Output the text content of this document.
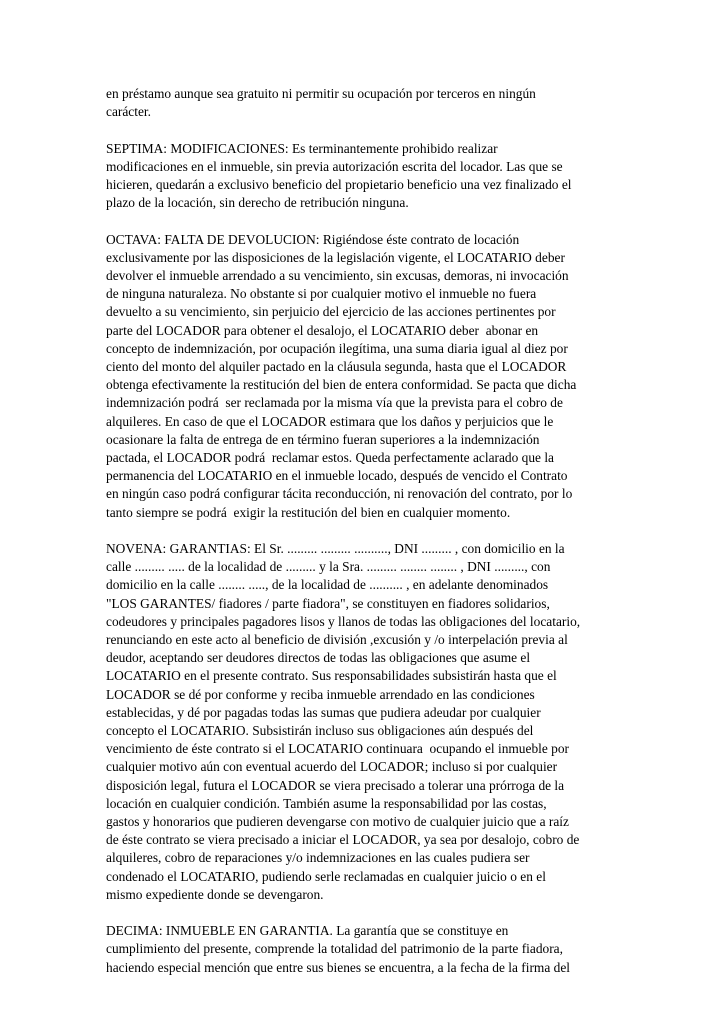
en préstamo aunque sea gratuito ni permitir su ocupación por terceros en ningún
carácter.
SEPTIMA: MODIFICACIONES: Es terminantemente prohibido realizar
modificaciones en el inmueble, sin previa autorización escrita del locador. Las que se
hicieren, quedarán a exclusivo beneficio del propietario beneficio una vez finalizado el
plazo de la locación, sin derecho de retribución ninguna.
OCTAVA: FALTA DE DEVOLUCION: Rigiéndose éste contrato de locación
exclusivamente por las disposiciones de la legislación vigente, el LOCATARIO deber
devolver el inmueble arrendado a su vencimiento, sin excusas, demoras, ni invocación
de ninguna naturaleza. No obstante si por cualquier motivo el inmueble no fuera
devuelto a su vencimiento, sin perjuicio del ejercicio de las acciones pertinentes por
parte del LOCADOR para obtener el desalojo, el LOCATARIO deber  abonar en
concepto de indemnización, por ocupación ilegítima, una suma diaria igual al diez por
ciento del monto del alquiler pactado en la cláusula segunda, hasta que el LOCADOR
obtenga efectivamente la restitución del bien de entera conformidad. Se pacta que dicha
indemnización podrá  ser reclamada por la misma vía que la prevista para el cobro de
alquileres. En caso de que el LOCADOR estimara que los daños y perjuicios que le
ocasionare la falta de entrega de en término fueran superiores a la indemnización
pactada, el LOCADOR podrá  reclamar estos. Queda perfectamente aclarado que la
permanencia del LOCATARIO en el inmueble locado, después de vencido el Contrato
en ningún caso podrá configurar tácita reconducción, ni renovación del contrato, por lo
tanto siempre se podrá  exigir la restitución del bien en cualquier momento.
NOVENA: GARANTIAS: El Sr. ......... ......... .........., DNI ......... , con domicilio en la
calle ......... ..... de la localidad de ......... y la Sra. ......... ........ ........ , DNI ........., con
domicilio en la calle ........ ....., de la localidad de .......... , en adelante denominados
"LOS GARANTES/ fiadores / parte fiadora", se constituyen en fiadores solidarios,
codeudores y principales pagadores lisos y llanos de todas las obligaciones del locatario,
renunciando en este acto al beneficio de división ,excusión y /o interpelación previa al
deudor, aceptando ser deudores directos de todas las obligaciones que asume el
LOCATARIO en el presente contrato. Sus responsabilidades subsistirán hasta que el
LOCADOR se dé por conforme y reciba inmueble arrendado en las condiciones
establecidas, y dé por pagadas todas las sumas que pudiera adeudar por cualquier
concepto el LOCATARIO. Subsistirán incluso sus obligaciones aún después del
vencimiento de éste contrato si el LOCATARIO continuara  ocupando el inmueble por
cualquier motivo aún con eventual acuerdo del LOCADOR; incluso si por cualquier
disposición legal, futura el LOCADOR se viera precisado a tolerar una prórroga de la
locación en cualquier condición. También asume la responsabilidad por las costas,
gastos y honorarios que pudieren devengarse con motivo de cualquier juicio que a raíz
de éste contrato se viera precisado a iniciar el LOCADOR, ya sea por desalojo, cobro de
alquileres, cobro de reparaciones y/o indemnizaciones en las cuales pudiera ser
condenado el LOCATARIO, pudiendo serle reclamadas en cualquier juicio o en el
mismo expediente donde se devengaron.
DECIMA: INMUEBLE EN GARANTIA. La garantía que se constituye en
cumplimiento del presente, comprende la totalidad del patrimonio de la parte fiadora,
haciendo especial mención que entre sus bienes se encuentra, a la fecha de la firma del
